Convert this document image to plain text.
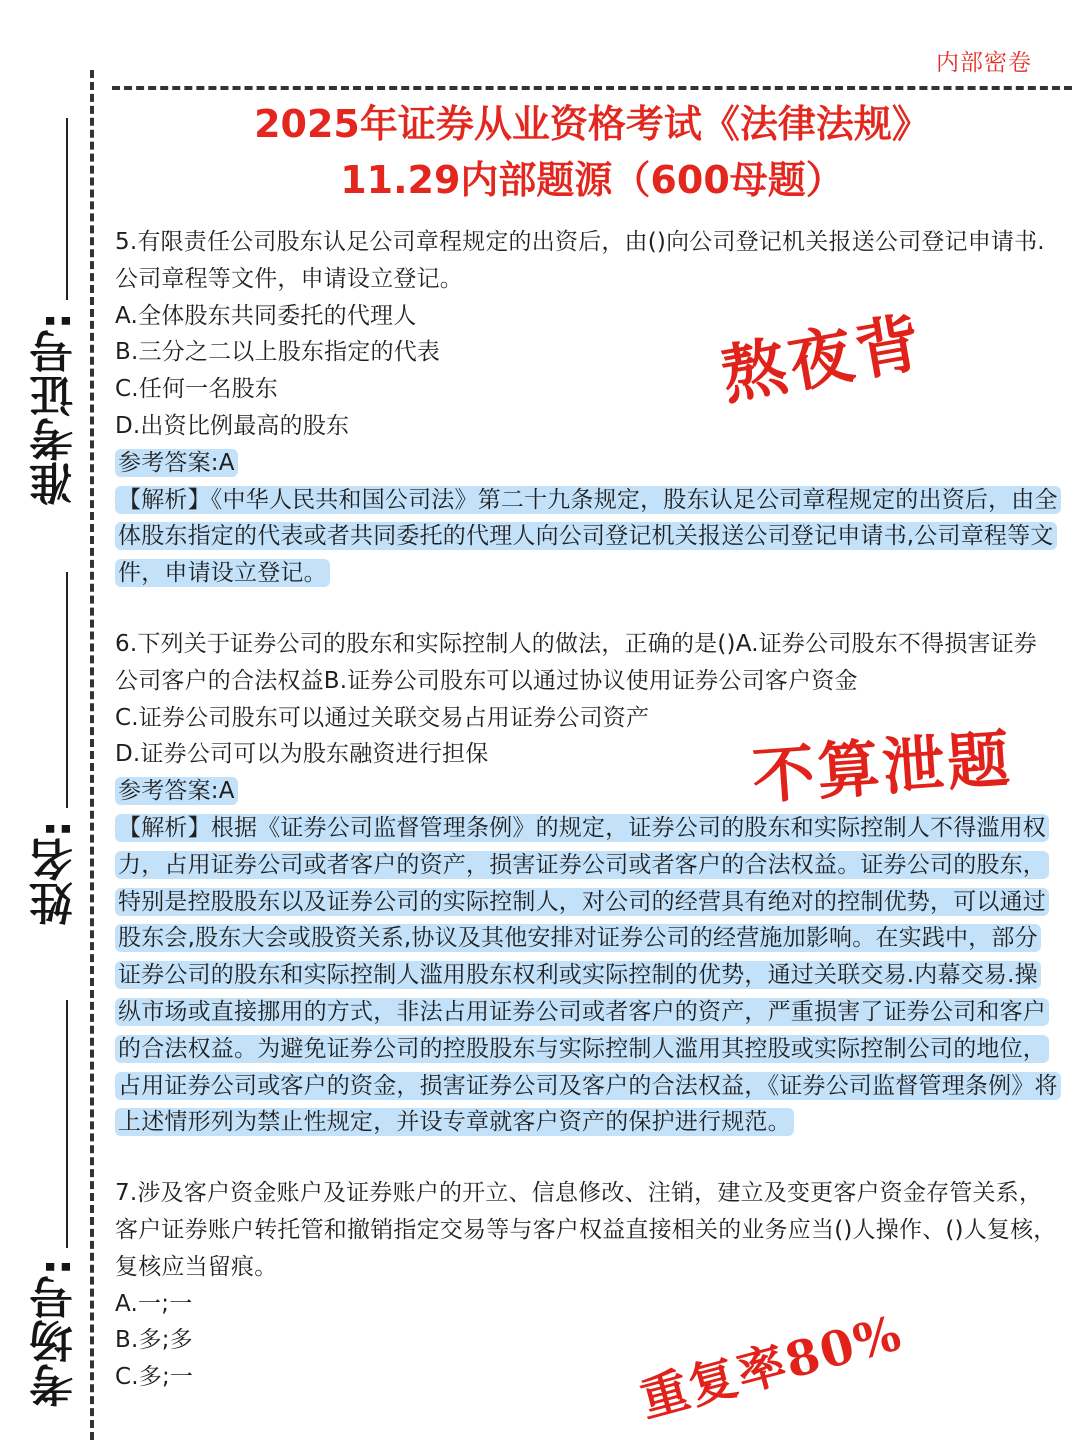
内部密卷
准考证号:
姓名:
考场号:
2025年证券从业资格考试《法律法规》
11.29内部题源（600母题）

5.有限责任公司股东认足公司章程规定的出资后，由()向公司登记机关报送公司登记申请书.公司章程等文件，申请设立登记。

A.全体股东共同委托的代理人

B.三分之二以上股东指定的代表

C.任何一名股东

D.出资比例最高的股东

参考答案:A

【解析】《中华人民共和国公司法》第二十九条规定，股东认足公司章程规定的出资后，由全体股东指定的代表或者共同委托的代理人向公司登记机关报送公司登记申请书,公司章程等文件，申请设立登记。

6.下列关于证券公司的股东和实际控制人的做法，正确的是()A.证券公司股东不得损害证券公司客户的合法权益B.证券公司股东可以通过协议使用证券公司客户资金

C.证券公司股东可以通过关联交易占用证券公司资产

D.证券公司可以为股东融资进行担保

参考答案:A

【解析】根据《证券公司监督管理条例》的规定，证券公司的股东和实际控制人不得滥用权力，占用证券公司或者客户的资产，损害证券公司或者客户的合法权益。证券公司的股东，特别是控股股东以及证券公司的实际控制人，对公司的经营具有绝对的控制优势，可以通过股东会,股东大会或股资关系,协议及其他安排对证券公司的经营施加影响。在实践中，部分证券公司的股东和实际控制人滥用股东权利或实际控制的优势，通过关联交易.内幕交易.操纵市场或直接挪用的方式，非法占用证券公司或者客户的资产，严重损害了证券公司和客户的合法权益。为避免证券公司的控股股东与实际控制人滥用其控股或实际控制公司的地位，占用证券公司或客户的资金，损害证券公司及客户的合法权益，《证券公司监督管理条例》将上述情形列为禁止性规定，并设专章就客户资产的保护进行规范。

7.涉及客户资金账户及证券账户的开立、信息修改、注销，建立及变更客户资金存管关系，客户证券账户转托管和撤销指定交易等与客户权益直接相关的业务应当()人操作、()人复核，复核应当留痕。

A.一;一

B.多;多

C.多;一

熬夜背
不算泄题
重复率80%
